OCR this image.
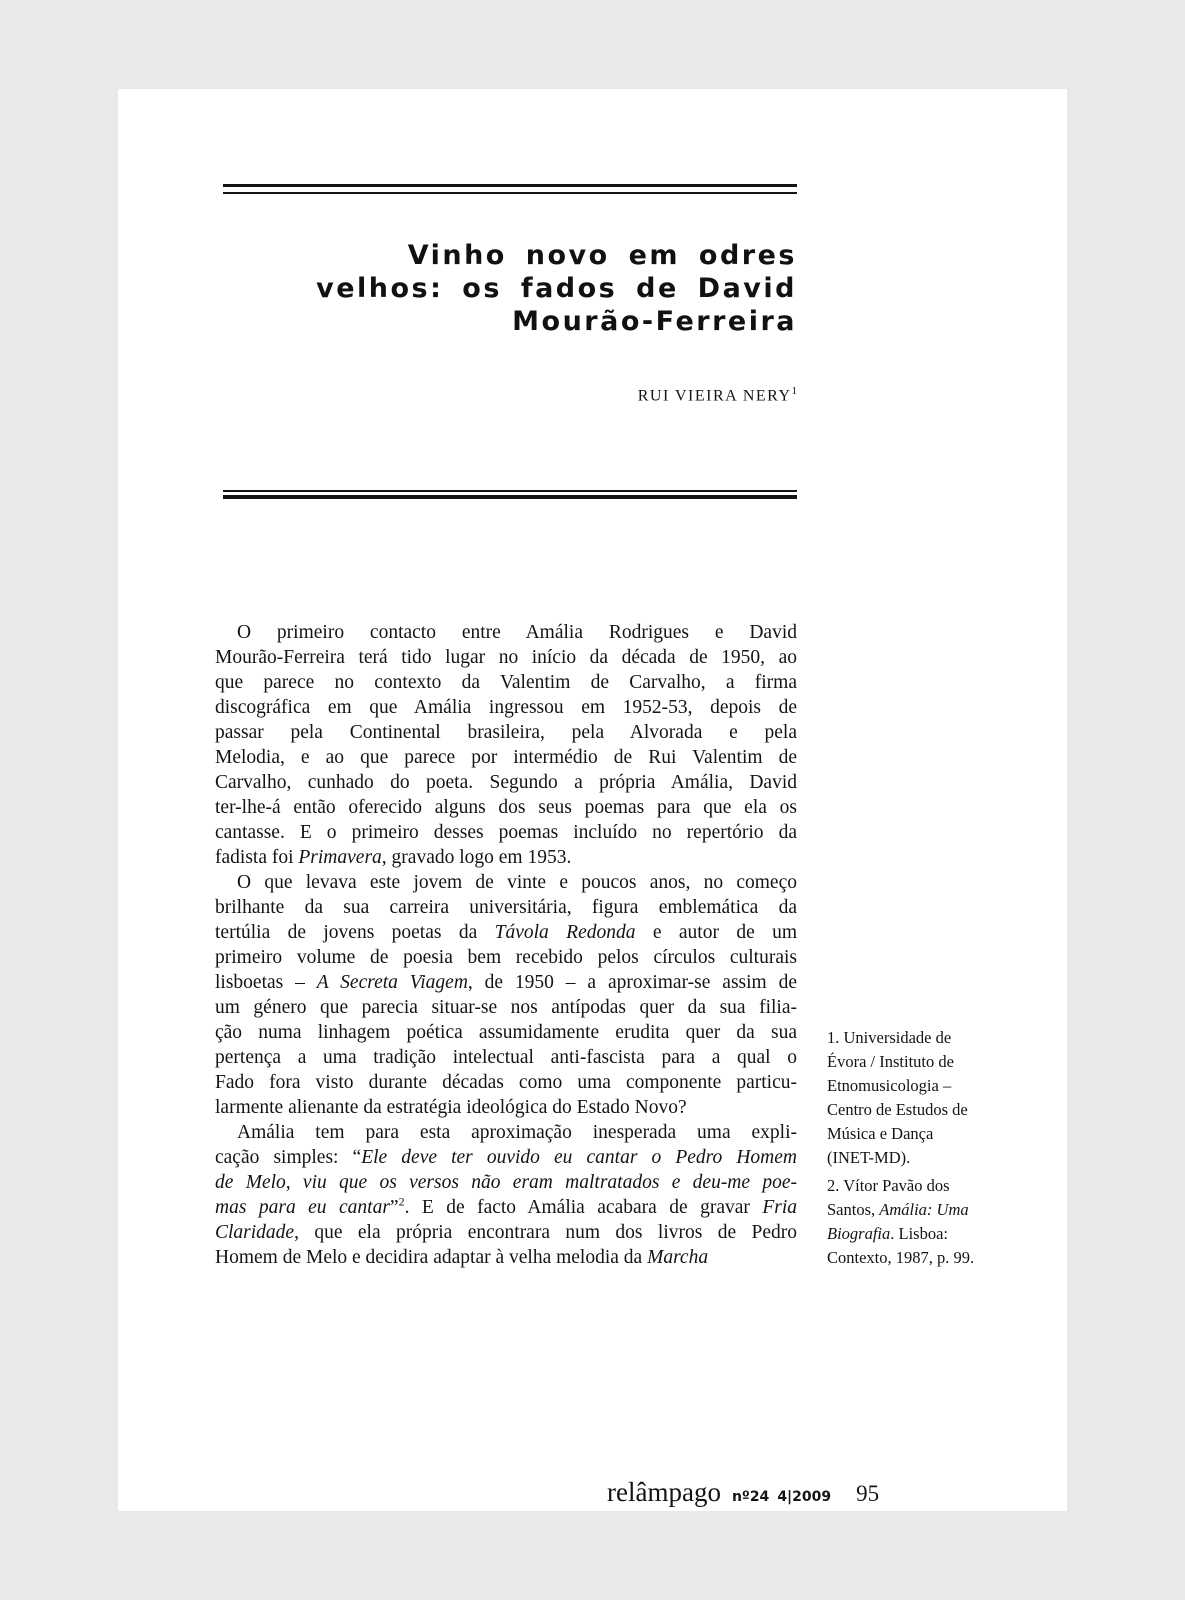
Vinho novo em odres
velhos: os fados de David
Mourão-Ferreira
RUI VIEIRA NERY$^1$
O primeiro contacto entre Amália Rodrigues e David
Mourão-Ferreira terá tido lugar no início da década de 1950, ao
que parece no contexto da Valentim de Carvalho, a firma
discográfica em que Amália ingressou em 1952-53, depois de
passar pela Continental brasileira, pela Alvorada e pela
Melodia, e ao que parece por intermédio de Rui Valentim de
Carvalho, cunhado do poeta. Segundo a própria Amália, David
ter-lhe-á então oferecido alguns dos seus poemas para que ela os
cantasse. E o primeiro desses poemas incluído no repertório da
fadista foi Primavera, gravado logo em 1953.
O que levava este jovem de vinte e poucos anos, no começo
brilhante da sua carreira universitária, figura emblemática da
tertúlia de jovens poetas da Távola Redonda e autor de um
primeiro volume de poesia bem recebido pelos círculos culturais
lisboetas – A Secreta Viagem, de 1950 – a aproximar-se assim de
um género que parecia situar-se nos antípodas quer da sua filia-
ção numa linhagem poética assumidamente erudita quer da sua
pertença a uma tradição intelectual anti-fascista para a qual o
Fado fora visto durante décadas como uma componente particu-
larmente alienante da estratégia ideológica do Estado Novo?
Amália tem para esta aproximação inesperada uma expli-
cação simples: “Ele deve ter ouvido eu cantar o Pedro Homem
de Melo, viu que os versos não eram maltratados e deu-me poe-
mas para eu cantar”$^2$. E de facto Amália acabara de gravar Fria
Claridade, que ela própria encontrara num dos livros de Pedro
Homem de Melo e decidira adaptar à velha melodia da Marcha
1. Universidade de Évora / Instituto de Etnomusicologia – Centro de Estudos de Música e Dança (INET-MD).
2. Vítor Pavão dos Santos, Amália: Uma Biografia. Lisboa: Contexto, 1987, p. 99.
relâmpago nº24 4|2009 95
